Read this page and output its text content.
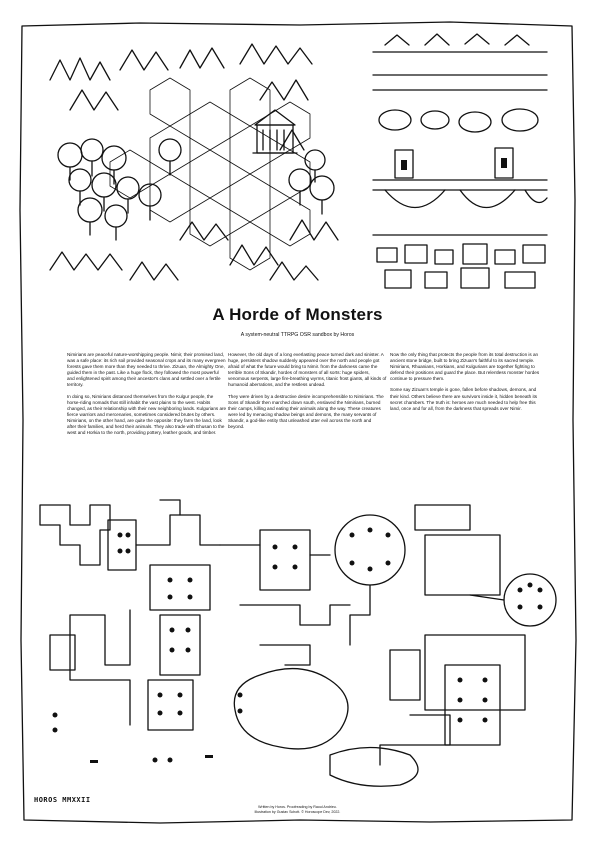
A Horde of Monsters
A system-neutral TTRPG OSR sandbox by Horos

Nimirians are peaceful nature-worshipping people. Nimir, their promised land, was a safe place: its rich soil provided seasonal crops and its many evergreen forests gave them more than they needed to thrive. Zizuan, the Almighty One, guided them in the past. Like a huge flock, they followed the most powerful and enlightened spirit among their ancestor's clans and settled over a fertile territory.

In doing so, Nimirians distanced themselves from the Kulgur people, the horse-riding nomads that still inhabit the vast plains to the west. Habits changed, as their relationship with their new neighboring lands. Kulgurians are fierce warriors and mercenaries, sometimes considered brutes by others. Nimirians, on the other hand, are quite the opposite: they farm the land, look after their families, and herd their animals. They also trade with Ehusan to the west and Horkia to the north, providing pottery, leather goods, and timber.

However, the old days of a long everlasting peace turned dark and sinister. A huge, persistent shadow suddenly appeared over the north and people got afraid of what the future would bring to Nimir. from the darkness came the terrible Sons of Skandir, hordes of monsters of all sorts: huge spiders, venomous serpents, large fire-breathing wyrms, titanic frost giants, all kinds of humanoid aberrations, and the restless undead.

They were driven by a destructive desire incomprehensible to Nimirians. The Sons of Skandir then marched down south, enslaved the Nimirians, burned their camps, killing and eating their animals along the way. These creatures were led by menacing shadow beings and demons, the many servants of Skandir, a god-like entity that unleashed utter evil across the north and beyond.

Now the only thing that protects the people from its total destruction is an ancient stone bridge, built to bring Zizuan's faithful to its sacred temple. Nimirians, Rhuanians, Horkians, and Kulgurians are together fighting to defend their positions and guard the place. But relentless monster hordes continue to pressure them.

Some say Zizuan's temple is gone, fallen before shadows, demons, and their kind. Others believe there are survivors inside it, hidden beneath its secret chambers. The truth is: heroes are much needed to help free this land, once and for all, from the darkness that spreads over Nimir.

HOROS MMXXII
Written by Horos. Proofreading by Raoul Andrieu.
Illustration by Gustav Schott. © Horoscope Dev, 2022.
